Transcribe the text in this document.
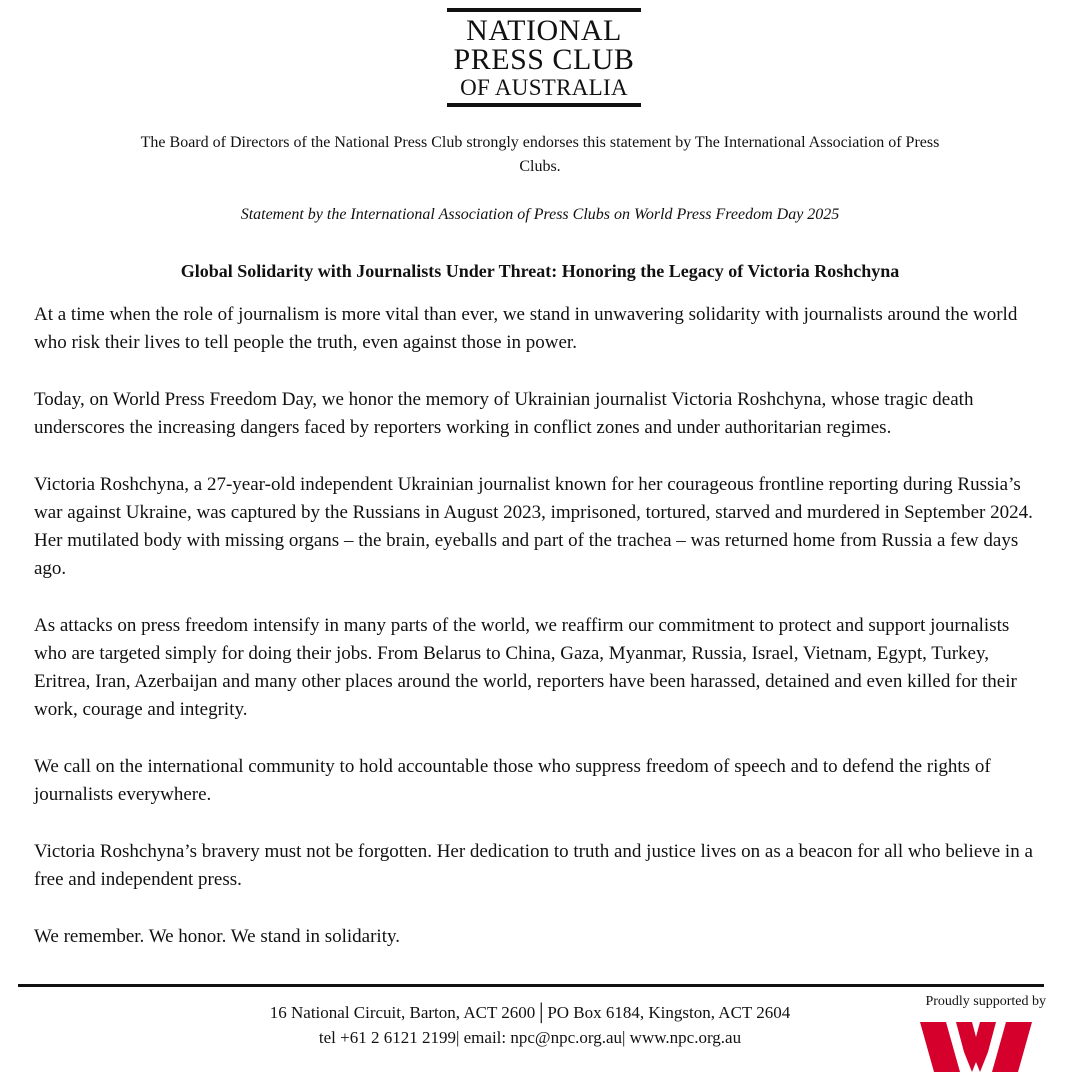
NATIONAL
PRESS CLUB
OF AUSTRALIA
The Board of Directors of the National Press Club strongly endorses this statement by The International Association of Press Clubs.
Statement by the International Association of Press Clubs on World Press Freedom Day 2025
Global Solidarity with Journalists Under Threat: Honoring the Legacy of Victoria Roshchyna

At a time when the role of journalism is more vital than ever, we stand in unwavering solidarity with journalists around the world who risk their lives to tell people the truth, even against those in power.

Today, on World Press Freedom Day, we honor the memory of Ukrainian journalist Victoria Roshchyna, whose tragic death underscores the increasing dangers faced by reporters working in conflict zones and under authoritarian regimes.

Victoria Roshchyna, a 27-year-old independent Ukrainian journalist known for her courageous frontline reporting during Russia’s war against Ukraine, was captured by the Russians in August 2023, imprisoned, tortured, starved and murdered in September 2024. Her mutilated body with missing organs – the brain, eyeballs and part of the trachea – was returned home from Russia a few days ago.

As attacks on press freedom intensify in many parts of the world, we reaffirm our commitment to protect and support journalists who are targeted simply for doing their jobs. From Belarus to China, Gaza, Myanmar, Russia, Israel, Vietnam, Egypt, Turkey, Eritrea, Iran, Azerbaijan and many other places around the world, reporters have been harassed, detained and even killed for their work, courage and integrity.

We call on the international community to hold accountable those who suppress freedom of speech and to defend the rights of journalists everywhere.

Victoria Roshchyna’s bravery must not be forgotten. Her dedication to truth and justice lives on as a beacon for all who believe in a free and independent press.

We remember. We honor. We stand in solidarity.

16 National Circuit, Barton, ACT 2600│PO Box 6184, Kingston, ACT 2604
tel +61 2 6121 2199| email: npc@npc.org.au| www.npc.org.au
Proudly supported by
